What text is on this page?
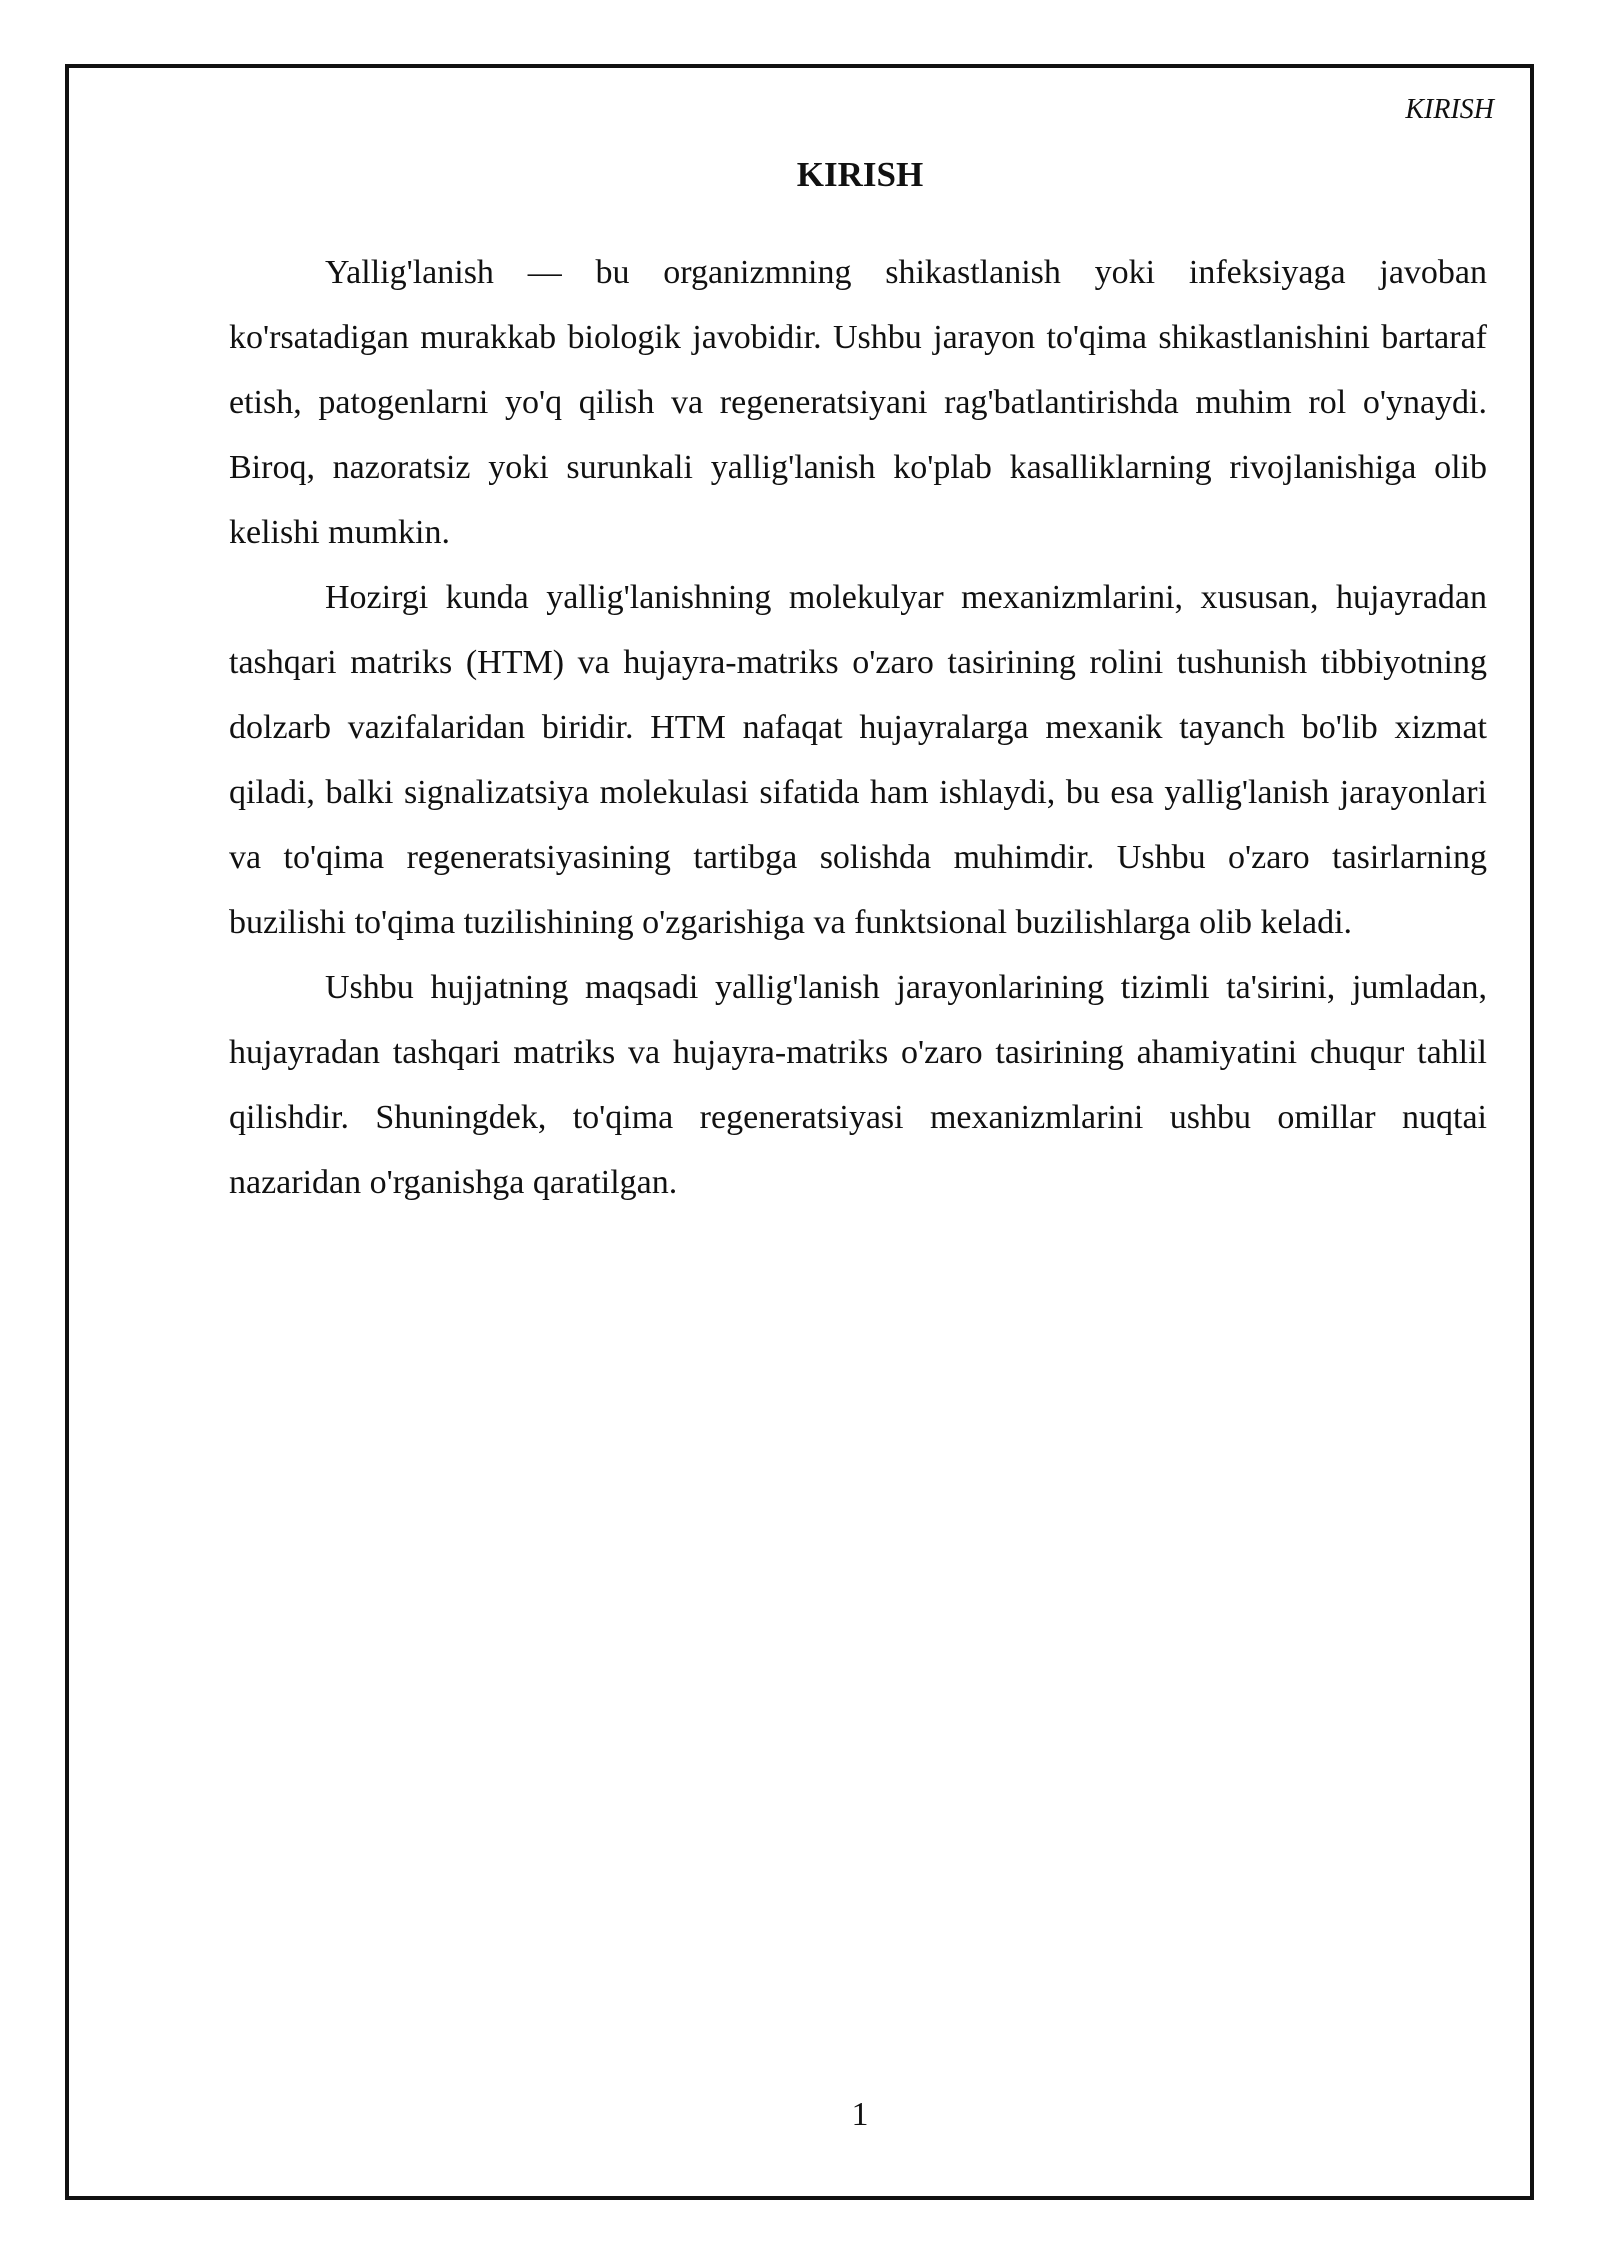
KIRISH
KIRISH

Yallig'lanish — bu organizmning shikastlanish yoki infeksiyaga javoban ko'rsatadigan murakkab biologik javobidir. Ushbu jarayon to'qima shikastlanishini bartaraf etish, patogenlarni yo'q qilish va regeneratsiyani rag'batlantirishda muhim rol o'ynaydi. Biroq, nazoratsiz yoki surunkali yallig'lanish ko'plab kasalliklarning rivojlanishiga olib kelishi mumkin.

Hozirgi kunda yallig'lanishning molekulyar mexanizmlarini, xususan, hujayradan tashqari matriks (HTM) va hujayra-matriks o'zaro tasirining rolini tushunish tibbiyotning dolzarb vazifalaridan biridir. HTM nafaqat hujayralarga mexanik tayanch bo'lib xizmat qiladi, balki signalizatsiya molekulasi sifatida ham ishlaydi, bu esa yallig'lanish jarayonlari va to'qima regeneratsiyasining tartibga solishda muhimdir. Ushbu o'zaro tasirlarning buzilishi to'qima tuzilishining o'zgarishiga va funktsional buzilishlarga olib keladi.

Ushbu hujjatning maqsadi yallig'lanish jarayonlarining tizimli ta'sirini, jumladan, hujayradan tashqari matriks va hujayra-matriks o'zaro tasirining ahamiyatini chuqur tahlil qilishdir. Shuningdek, to'qima regeneratsiyasi mexanizmlarini ushbu omillar nuqtai nazaridan o'rganishga qaratilgan.

1
